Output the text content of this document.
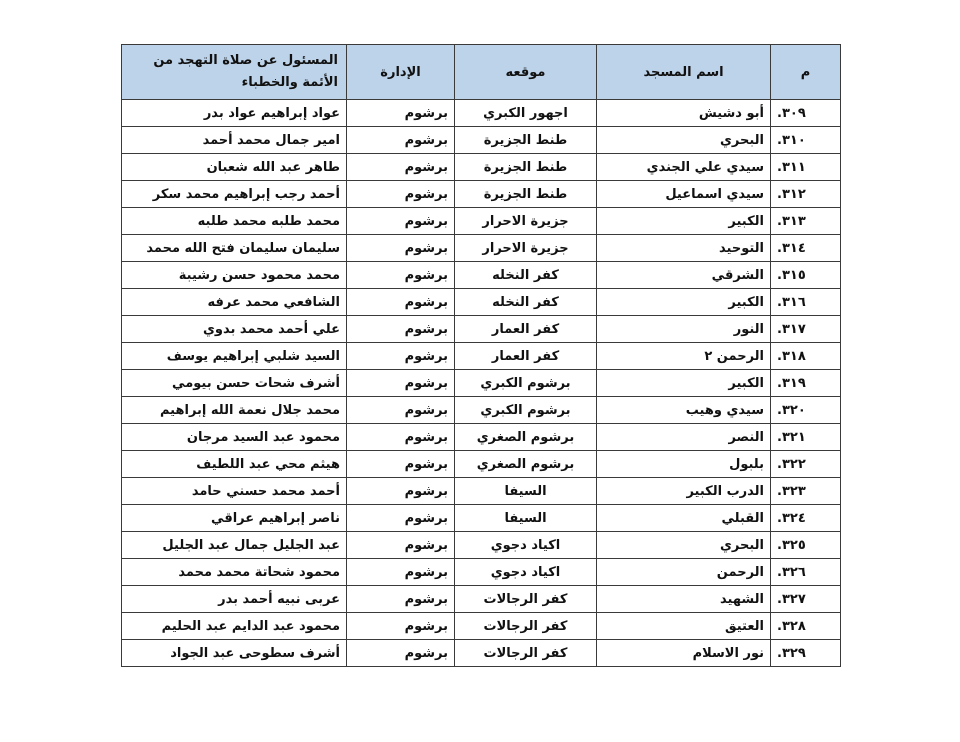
م	اسم المسجد	موقعه	الإدارة	المسئول عن صلاة التهجد من الأئمة والخطباء
٣٠٩.	أبو دشيش	اجهور الكبري	برشوم	عواد إبراهيم عواد بدر
٣١٠.	البحري	طنط الجزيرة	برشوم	امير جمال محمد أحمد
٣١١.	سيدي علي الجندي	طنط الجزيرة	برشوم	طاهر عبد الله شعبان
٣١٢.	سيدي اسماعيل	طنط الجزيرة	برشوم	أحمد رجب إبراهيم محمد سكر
٣١٣.	الكبير	جزيرة الاحرار	برشوم	محمد طلبه محمد طلبه
٣١٤.	التوحيد	جزيرة الاحرار	برشوم	سليمان سليمان فتح الله محمد
٣١٥.	الشرقي	كفر النخله	برشوم	محمد محمود حسن رشيبة
٣١٦.	الكبير	كفر النخله	برشوم	الشافعي محمد عرفه
٣١٧.	النور	كفر العمار	برشوم	علي أحمد محمد بدوي
٣١٨.	الرحمن ٢	كفر العمار	برشوم	السيد شلبي إبراهيم يوسف
٣١٩.	الكبير	برشوم الكبري	برشوم	أشرف شحات حسن بيومي
٣٢٠.	سيدي وهيب	برشوم الكبري	برشوم	محمد جلال نعمة الله إبراهيم
٣٢١.	النصر	برشوم الصغري	برشوم	محمود عبد السيد مرجان
٣٢٢.	بلبول	برشوم الصغري	برشوم	هيثم محي عبد اللطيف
٣٢٣.	الدرب الكبير	السيفا	برشوم	أحمد محمد حسني حامد
٣٢٤.	القبلي	السيفا	برشوم	ناصر إبراهيم عراقي
٣٢٥.	البحري	اكياد دجوي	برشوم	عبد الجليل جمال عبد الجليل
٣٢٦.	الرحمن	اكياد دجوي	برشوم	محمود شحاتة محمد محمد
٣٢٧.	الشهيد	كفر الرجالات	برشوم	عربى نبيه أحمد بدر
٣٢٨.	العتيق	كفر الرجالات	برشوم	محمود عبد الدايم عبد الحليم
٣٢٩.	نور الاسلام	كفر الرجالات	برشوم	أشرف سطوحى عبد الجواد
